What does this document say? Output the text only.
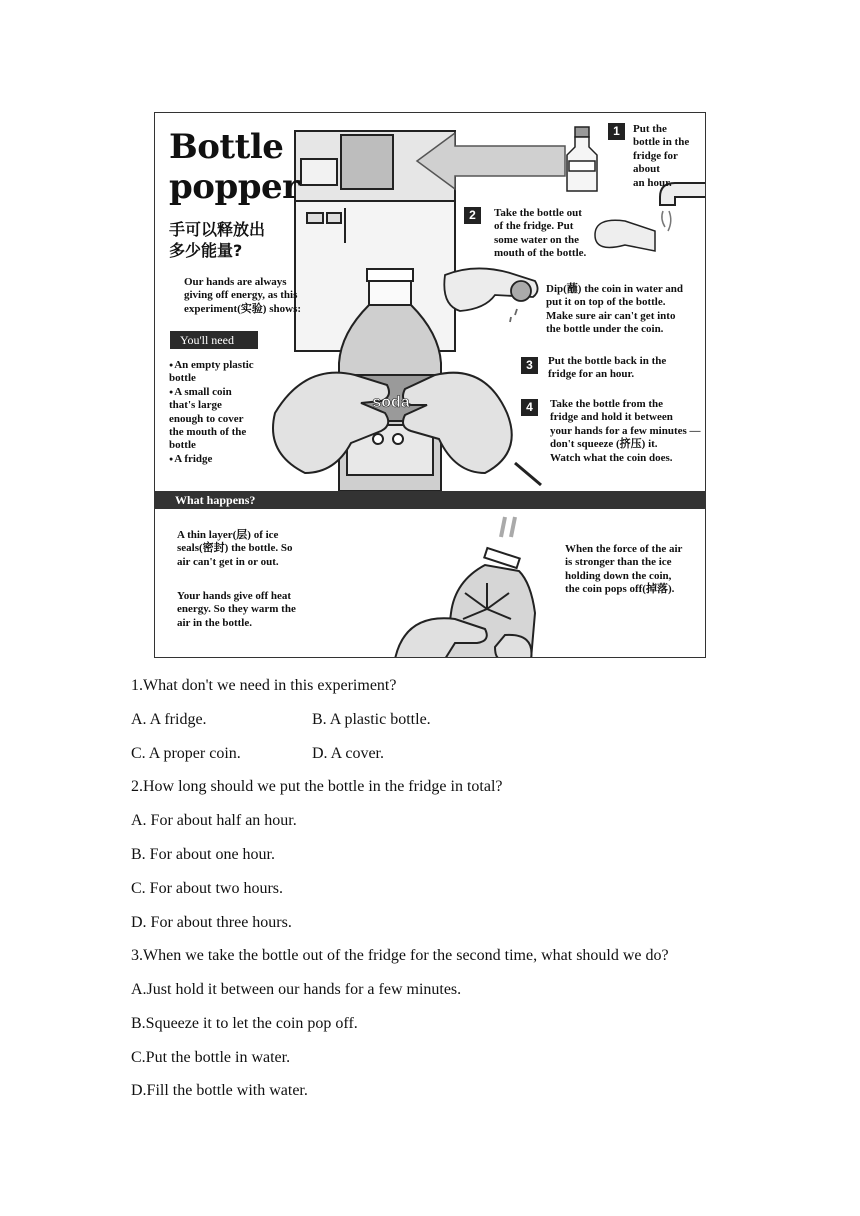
soda
Bottle
popper
手可以释放出
多少能量?
Our hands are always
giving off energy, as this
experiment(实验) shows:
You'll need
● An empty plastic
bottle
● A small coin
that's large
enough to cover
the mouth of the
bottle
● A fridge
1	Put the
bottle in the
fridge for about
an hour.
2	Take the bottle out
of the fridge. Put
some water on the
mouth of the bottle.
Dip(蘸) the coin in water and
put it on top of the bottle.
Make sure air can't get into
the bottle under the coin.
3	Put the bottle back in the
fridge for an hour.
4	Take the bottle from the
fridge and hold it between
your hands for a few minutes —
don't squeeze (挤压) it.
Watch what the coin does.
What happens?
A thin layer(层) of ice
seals(密封) the bottle. So
air can't get in or out.
Your hands give off heat
energy. So they warm the
air in the bottle.
When the force of the air
is stronger than the ice
holding down the coin,
the coin pops off(掉落).
1.What don't we need in this experiment?
A. A fridge.	B. A plastic bottle.
C. A proper coin.	D. A cover.
2.How long should we put the bottle in the fridge in total?
A. For about half an hour.
B. For about one hour.
C. For about two hours.
D. For about three hours.
3.When we take the bottle out of the fridge for the second time, what should we do?
A.Just hold it between our hands for a few minutes.
B.Squeeze it to let the coin pop off.
C.Put the bottle in water.
D.Fill the bottle with water.
